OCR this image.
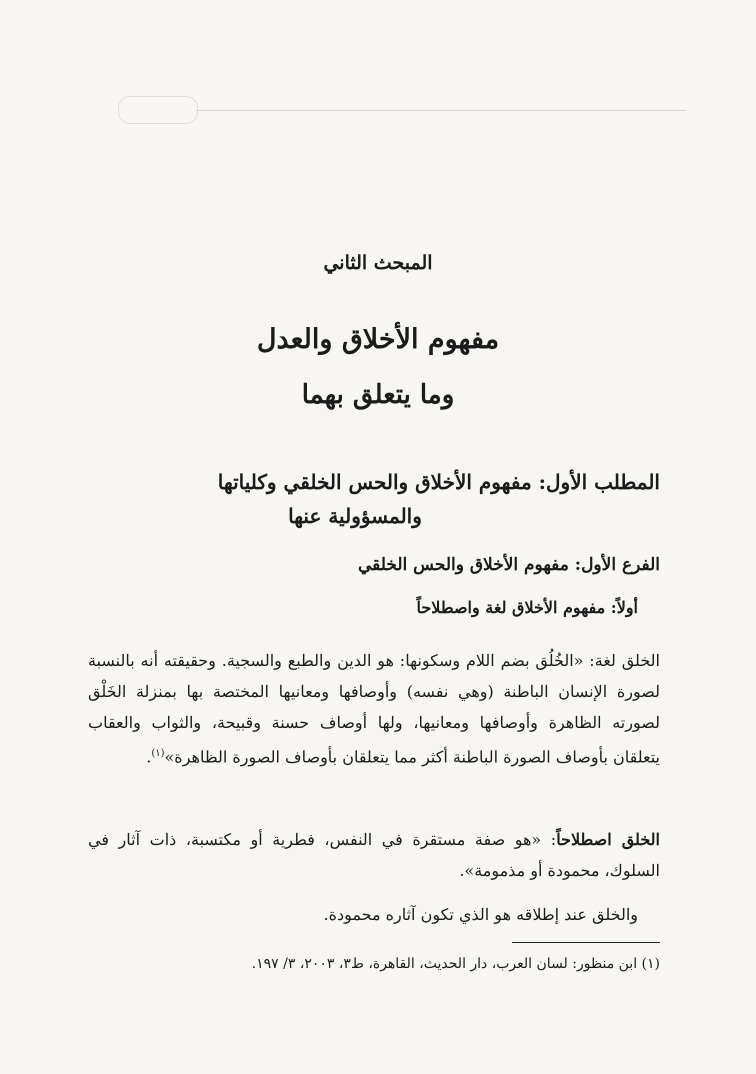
المبحث الثاني
مفهوم الأخلاق والعدل
وما يتعلق بهما
المطلب الأول: مفهوم الأخلاق والحس الخلقي وكلياتها
والمسؤولية عنها
الفرع الأول: مفهوم الأخلاق والحس الخلقي
أولاً: مفهوم الأخلاق لغة واصطلاحاً
الخلق لغة: «الخُلُق بضم اللام وسكونها: هو الدين والطبع والسجية. وحقيقته أنه بالنسبة لصورة الإنسان الباطنة (وهي نفسه) وأوصافها ومعانيها المختصة بها بمنزلة الخَلْق لصورته الظاهرة وأوصافها ومعانيها، ولها أوصاف حسنة وقبيحة، والثواب والعقاب يتعلقان بأوصاف الصورة الباطنة أكثر مما يتعلقان بأوصاف الصورة الظاهرة»$^{(١)}$.
الخلق اصطلاحاً: «هو صفة مستقرة في النفس، فطرية أو مكتسبة، ذات آثار في السلوك، محمودة أو مذمومة».
والخلق عند إطلاقه هو الذي تكون آثاره محمودة.
(١) ابن منظور: لسان العرب، دار الحديث، القاهرة، ط٣، ٢٠٠٣، ٣/ ١٩٧.
